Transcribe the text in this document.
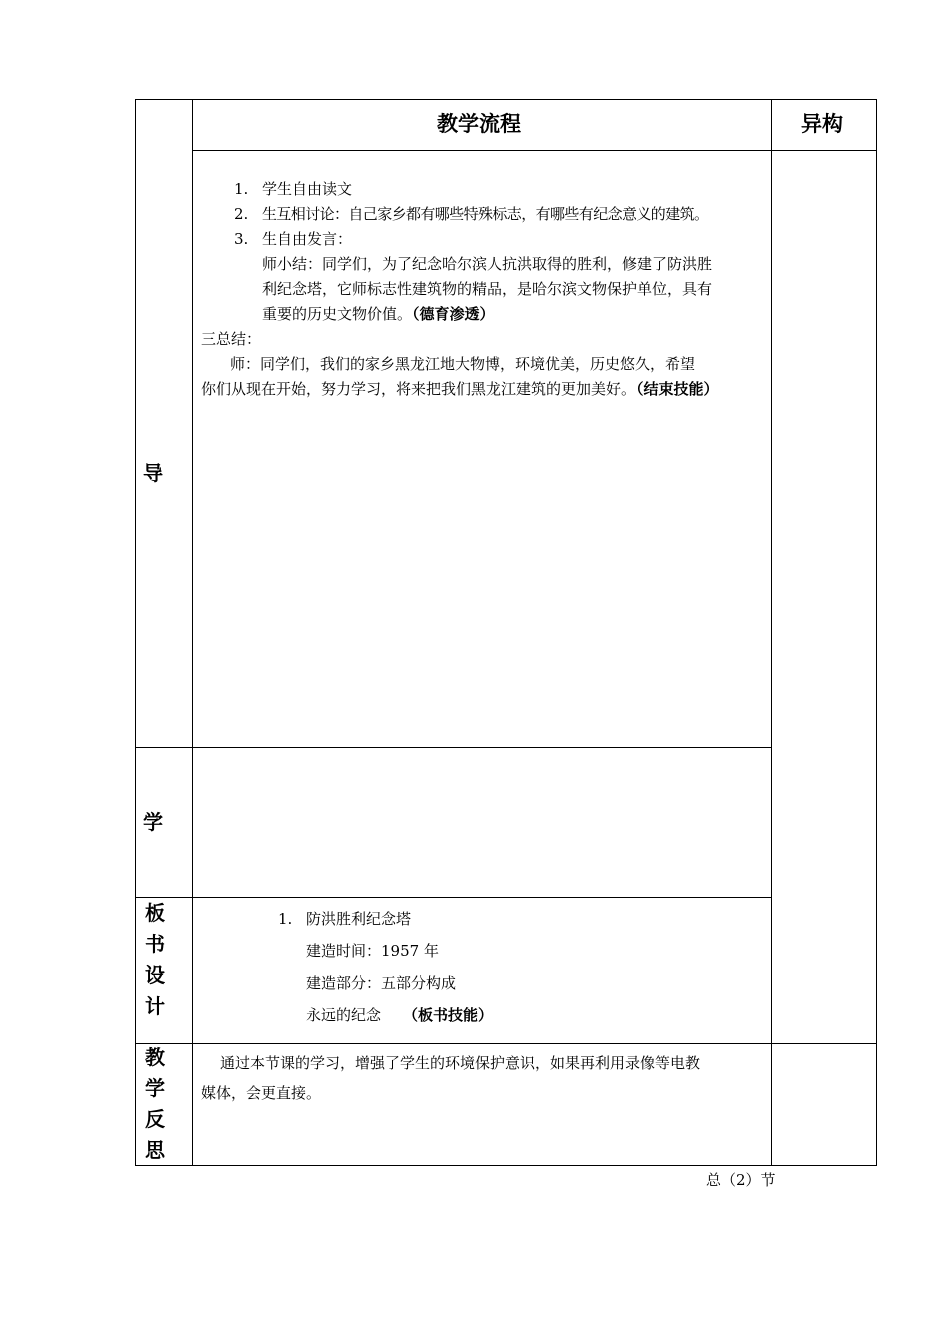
教学流程	异构
导
学
板
书
设
计
教
学
反
思
1. 学生自由读文
2. 生互相讨论：自己家乡都有哪些特殊标志，有哪些有纪念意义的建筑。
3. 生自由发言：
师小结：同学们，为了纪念哈尔滨人抗洪取得的胜利，修建了防洪胜
利纪念塔，它师标志性建筑物的精品，是哈尔滨文物保护单位，具有
重要的历史文物价值。（德育渗透）
三总结：
师：同学们，我们的家乡黑龙江地大物博，环境优美，历史悠久，希望
你们从现在开始，努力学习，将来把我们黑龙江建筑的更加美好。（结束技能）
1. 防洪胜利纪念塔
建造时间：1957 年
建造部分：五部分构成
永远的纪念 （板书技能）
通过本节课的学习，增强了学生的环境保护意识，如果再利用录像等电教
媒体，会更直接。
总（2）节
